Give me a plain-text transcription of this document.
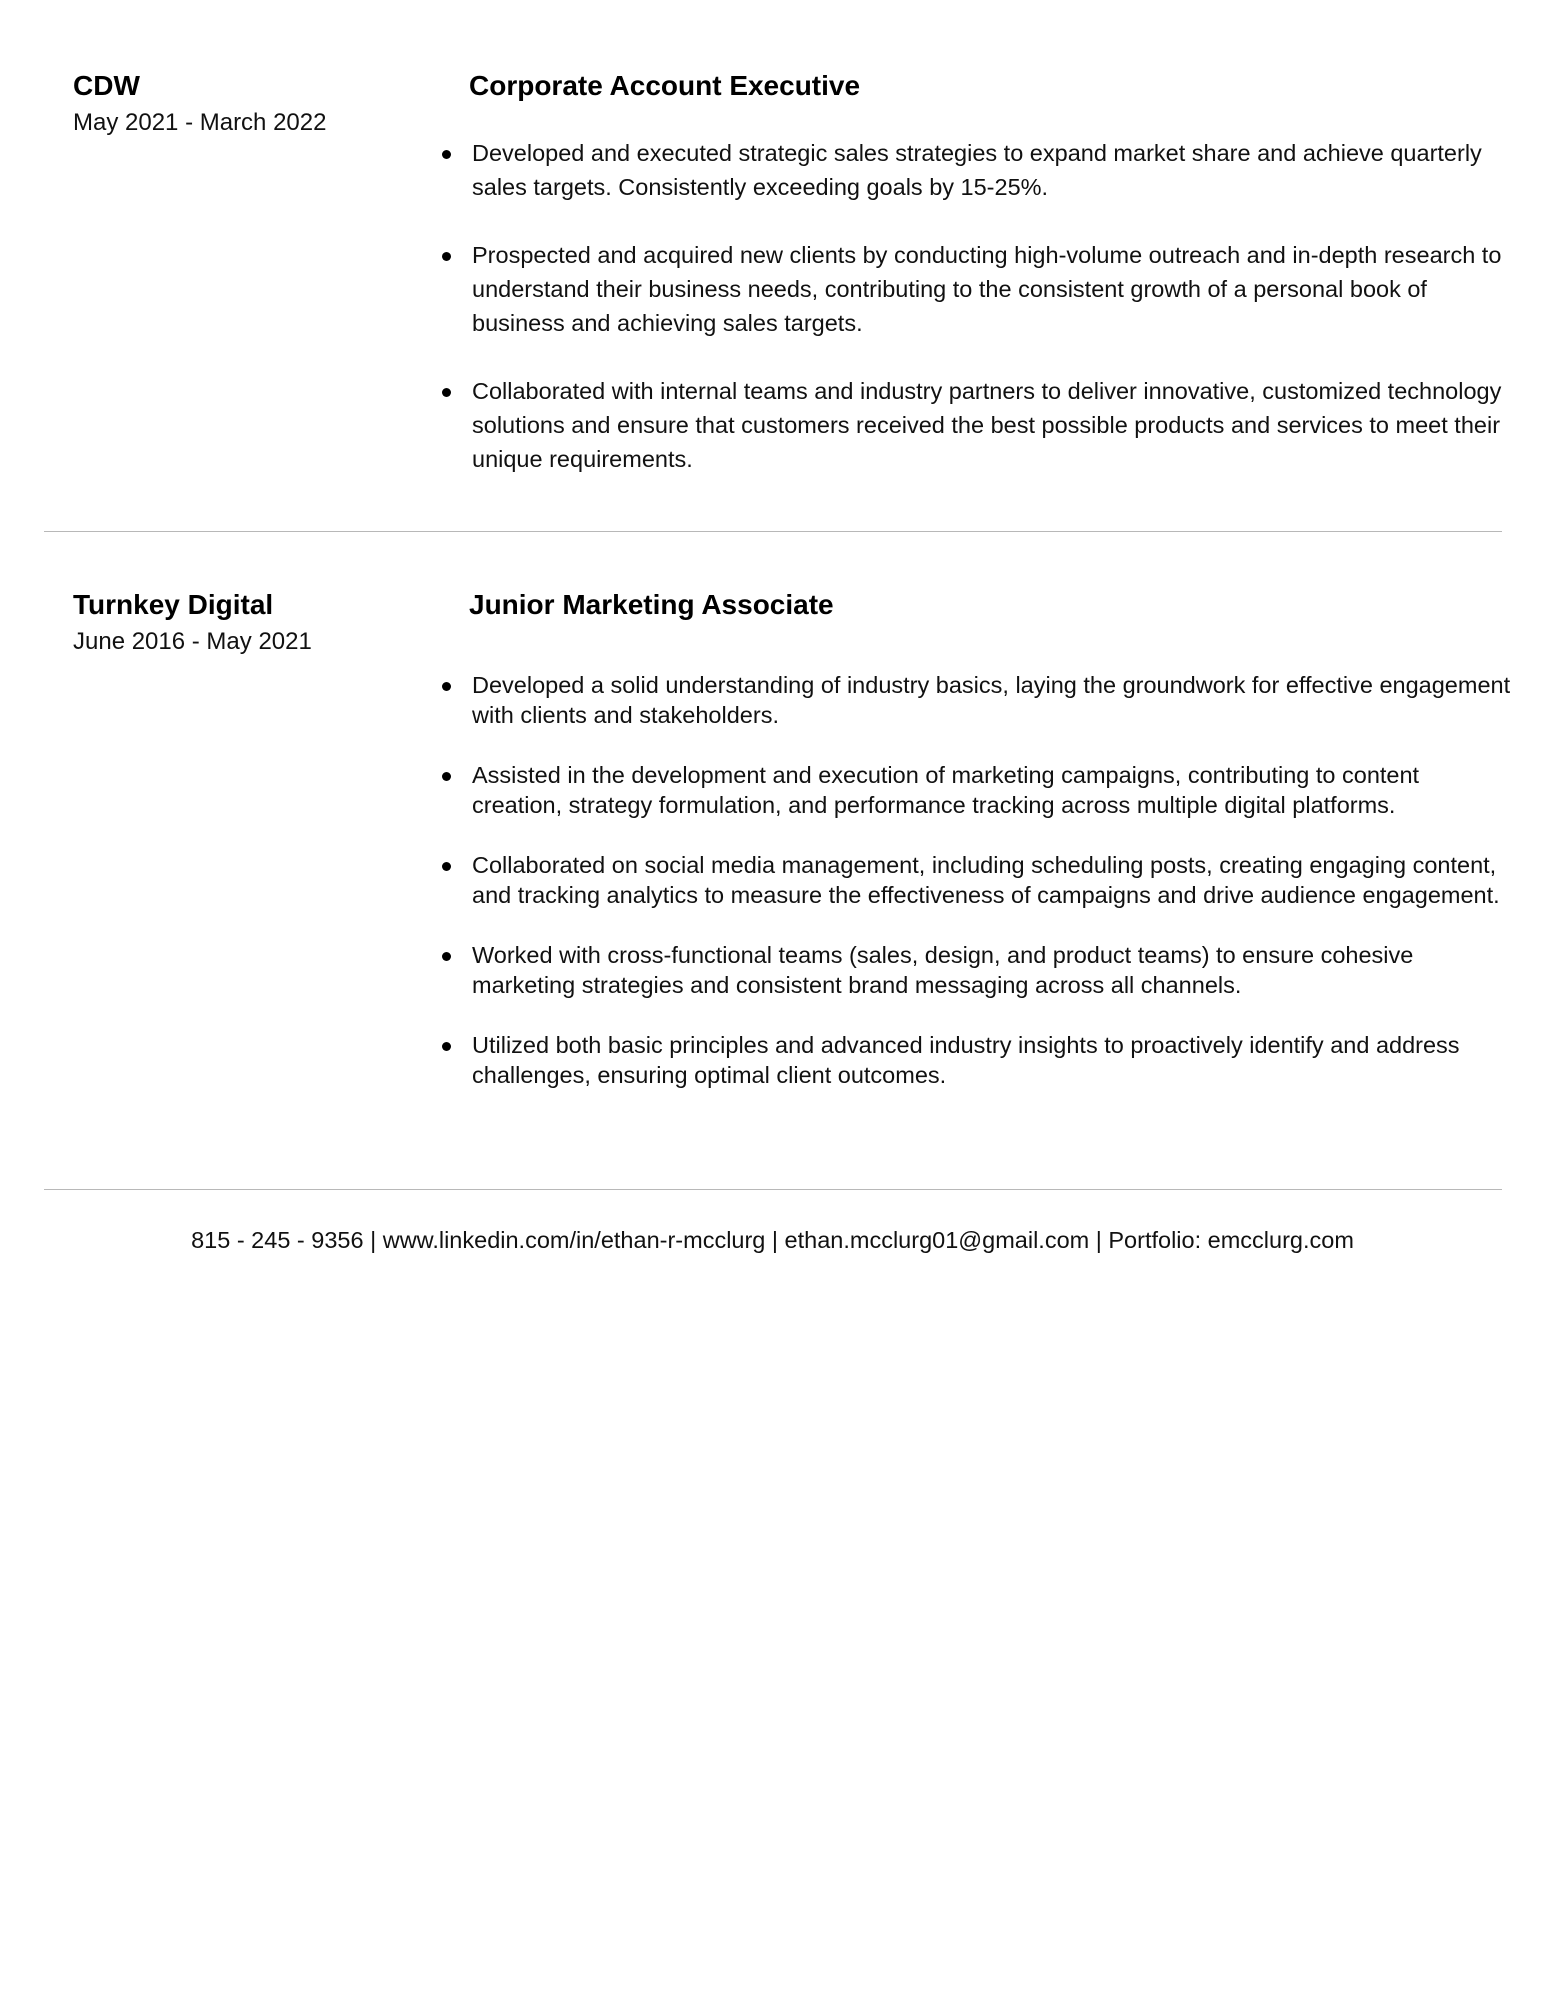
CDW
May 2021 - March 2022
Corporate Account Executive
Developed and executed strategic sales strategies to expand market share and achieve quarterly sales targets. Consistently exceeding goals by 15-25%.
Prospected and acquired new clients by conducting high-volume outreach and in-depth research to understand their business needs, contributing to the consistent growth of a personal book of business and achieving sales targets.
Collaborated with internal teams and industry partners to deliver innovative, customized technology solutions and ensure that customers received the best possible products and services to meet their unique requirements.
Turnkey Digital
June 2016 - May 2021
Junior Marketing Associate
Developed a solid understanding of industry basics, laying the groundwork for effective engagement with clients and stakeholders.
Assisted in the development and execution of marketing campaigns, contributing to content creation, strategy formulation, and performance tracking across multiple digital platforms.
Collaborated on social media management, including scheduling posts, creating engaging content, and tracking analytics to measure the effectiveness of campaigns and drive audience engagement.
Worked with cross-functional teams (sales, design, and product teams) to ensure cohesive marketing strategies and consistent brand messaging across all channels.
Utilized both basic principles and advanced industry insights to proactively identify and address challenges, ensuring optimal client outcomes.
815 - 245 - 9356 | www.linkedin.com/in/ethan-r-mcclurg | ethan.mcclurg01@gmail.com | Portfolio: emcclurg.com
